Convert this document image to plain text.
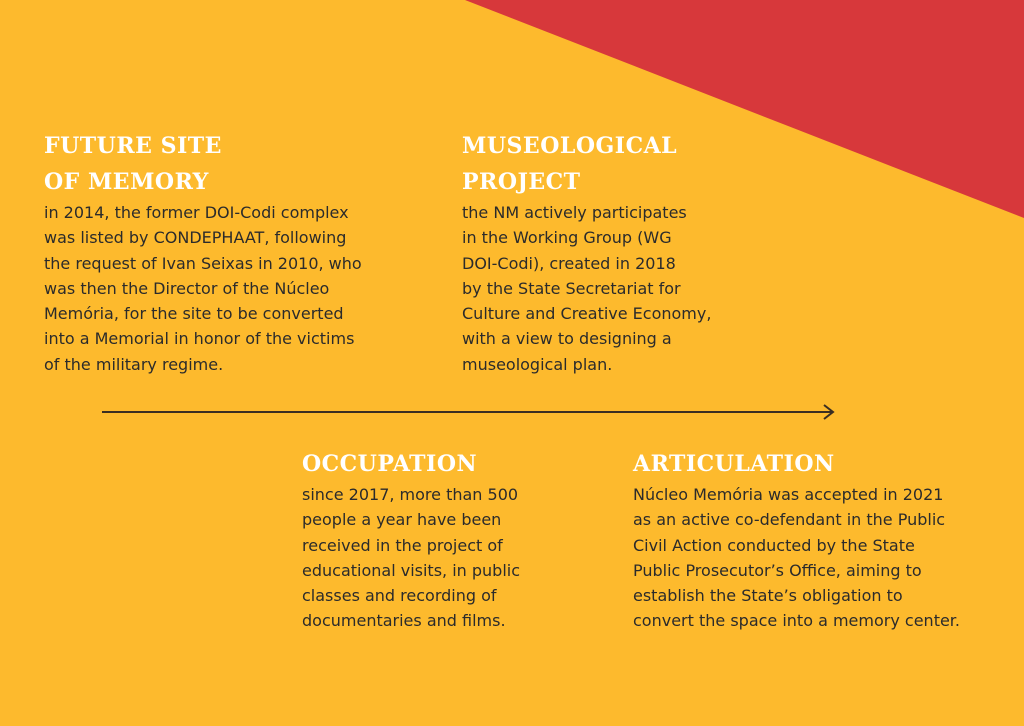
FUTURE SITE
OF MEMORY
in 2014, the former DOI-Codi complex
was listed by CONDEPHAAT, following
the request of Ivan Seixas in 2010, who
was then the Director of the Núcleo
Memória, for the site to be converted
into a Memorial in honor of the victims
of the military regime.
MUSEOLOGICAL
PROJECT
the NM actively participates
in the Working Group (WG
DOI-Codi), created in 2018
by the State Secretariat for
Culture and Creative Economy,
with a view to designing a
museological plan.
OCCUPATION
since 2017, more than 500
people a year have been
received in the project of
educational visits, in public
classes and recording of
documentaries and films.
ARTICULATION
Núcleo Memória was accepted in 2021
as an active co-defendant in the Public
Civil Action conducted by the State
Public Prosecutor’s Office, aiming to
establish the State’s obligation to
convert the space into a memory center.
